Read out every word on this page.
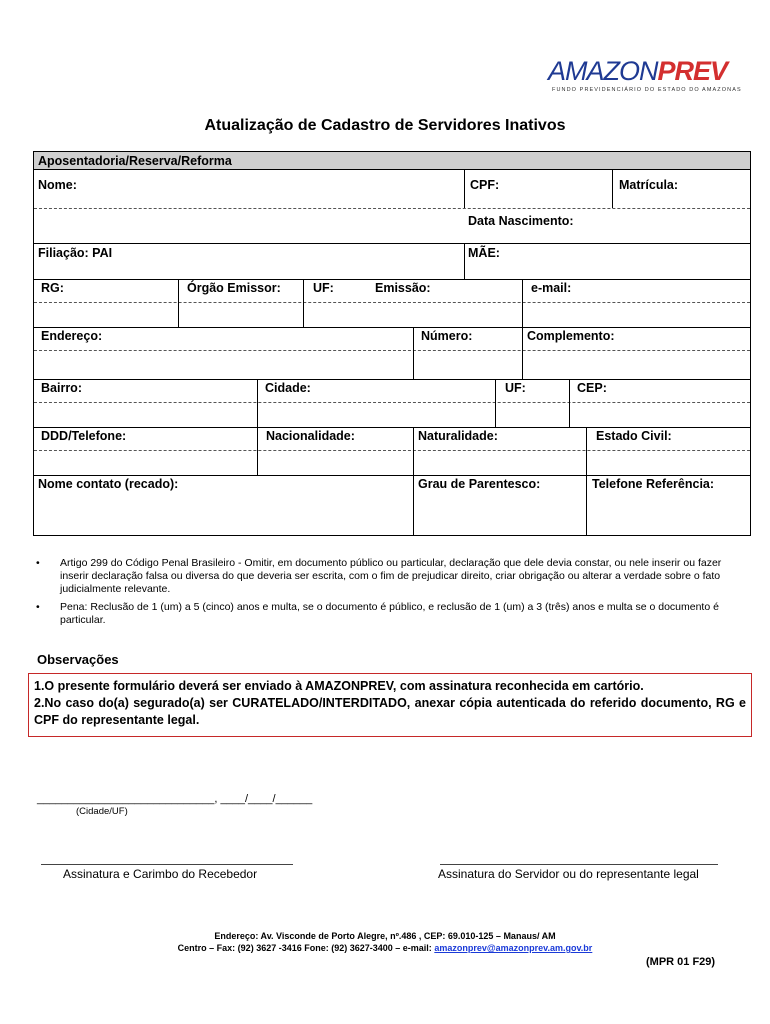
AMAZONPREV
FUNDO PREVIDENCIÁRIO DO ESTADO DO AMAZONAS
Atualização de Cadastro de Servidores Inativos
Aposentadoria/Reserva/Reforma
Nome:	CPF:	Matrícula:
Data Nascimento:
Filiação: PAI	MÃE:
RG:	Órgão Emissor:	UF:	Emissão:	e-mail:
Endereço:	Número:	Complemento:
Bairro:	Cidade:	UF:	CEP:
DDD/Telefone:	Nacionalidade:	Naturalidade:	Estado Civil:
Nome contato (recado):	Grau de Parentesco:	Telefone Referência:
• Artigo 299 do Código Penal Brasileiro - Omitir, em documento público ou particular, declaração que dele devia constar, ou nele inserir ou fazer inserir declaração falsa ou diversa do que deveria ser escrita, com o fim de prejudicar direito, criar obrigação ou alterar a verdade sobre o fato judicialmente relevante.
• Pena: Reclusão de 1 (um) a 5 (cinco) anos e multa, se o documento é público, e reclusão de 1 (um) a 3 (três) anos e multa se o documento é particular.
Observações
1.O presente formulário deverá ser enviado à AMAZONPREV, com assinatura reconhecida em cartório.
2.No caso do(a) segurado(a) ser CURATELADO/INTERDITADO, anexar cópia autenticada do referido documento, RG e CPF do representante legal.
_____________________________, ____/____/______
(Cidade/UF)
Assinatura e Carimbo do Recebedor	Assinatura do Servidor ou do representante legal
Endereço: Av. Visconde de Porto Alegre, nº.486 , CEP: 69.010-125 – Manaus/ AM
Centro – Fax: (92) 3627 -3416 Fone: (92) 3627-3400 – e-mail: amazonprev@amazonprev.am.gov.br
(MPR 01 F29)
